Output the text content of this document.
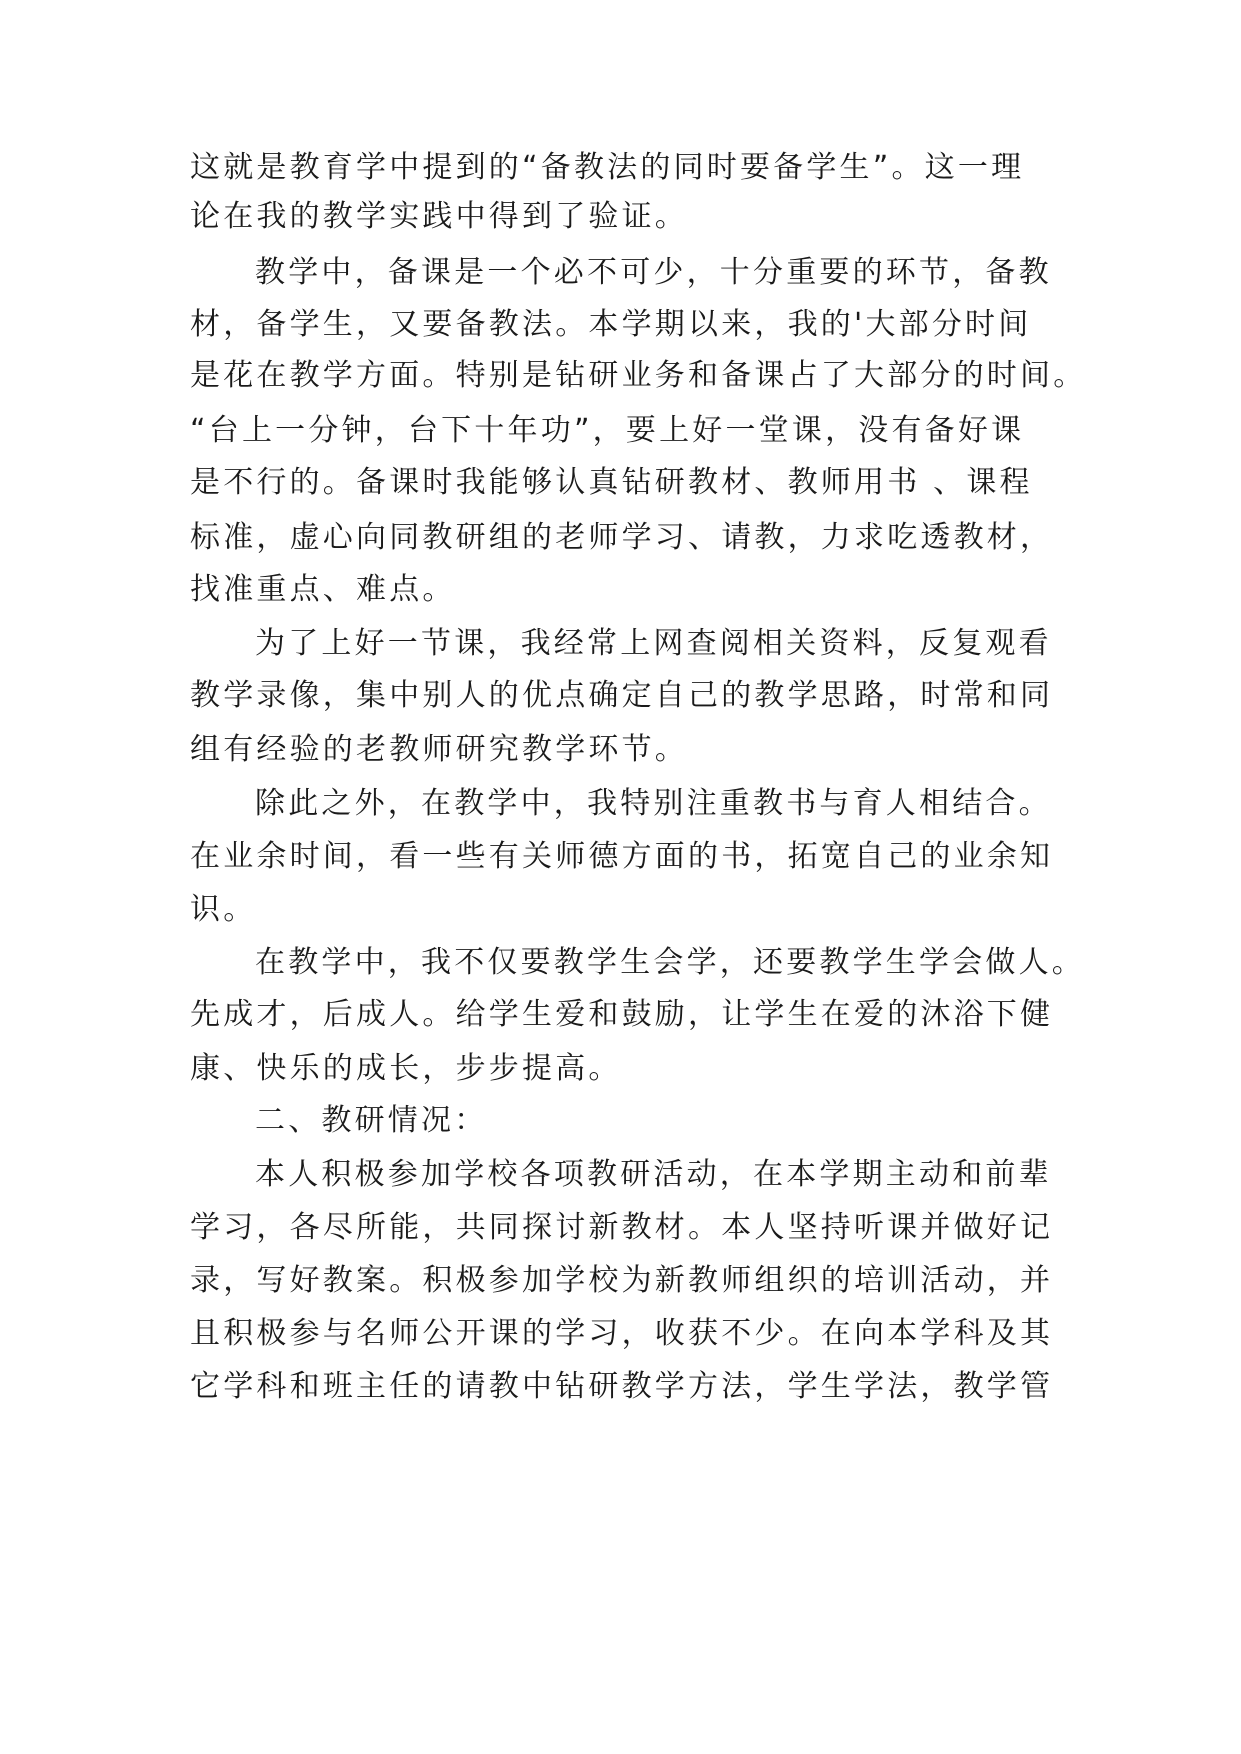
这就是教育学中提到的“备教法的同时要备学生”。这一理
论在我的教学实践中得到了验证。
教学中，备课是一个必不可少，十分重要的环节，备教
材，备学生，又要备教法。本学期以来，我的'大部分时间
是花在教学方面。特别是钻研业务和备课占了大部分的时间。
“台上一分钟，台下十年功”，要上好一堂课，没有备好课
是不行的。备课时我能够认真钻研教材、教师用书 、课程
标准，虚心向同教研组的老师学习、请教，力求吃透教材，
找准重点、难点。
为了上好一节课，我经常上网查阅相关资料，反复观看
教学录像，集中别人的优点确定自己的教学思路，时常和同
组有经验的老教师研究教学环节。
除此之外，在教学中，我特别注重教书与育人相结合。
在业余时间，看一些有关师德方面的书，拓宽自己的业余知
识。
在教学中，我不仅要教学生会学，还要教学生学会做人。
先成才，后成人。给学生爱和鼓励，让学生在爱的沐浴下健
康、快乐的成长，步步提高。
二、教研情况：
本人积极参加学校各项教研活动，在本学期主动和前辈
学习，各尽所能，共同探讨新教材。本人坚持听课并做好记
录，写好教案。积极参加学校为新教师组织的培训活动，并
且积极参与名师公开课的学习，收获不少。在向本学科及其
它学科和班主任的请教中钻研教学方法，学生学法，教学管
